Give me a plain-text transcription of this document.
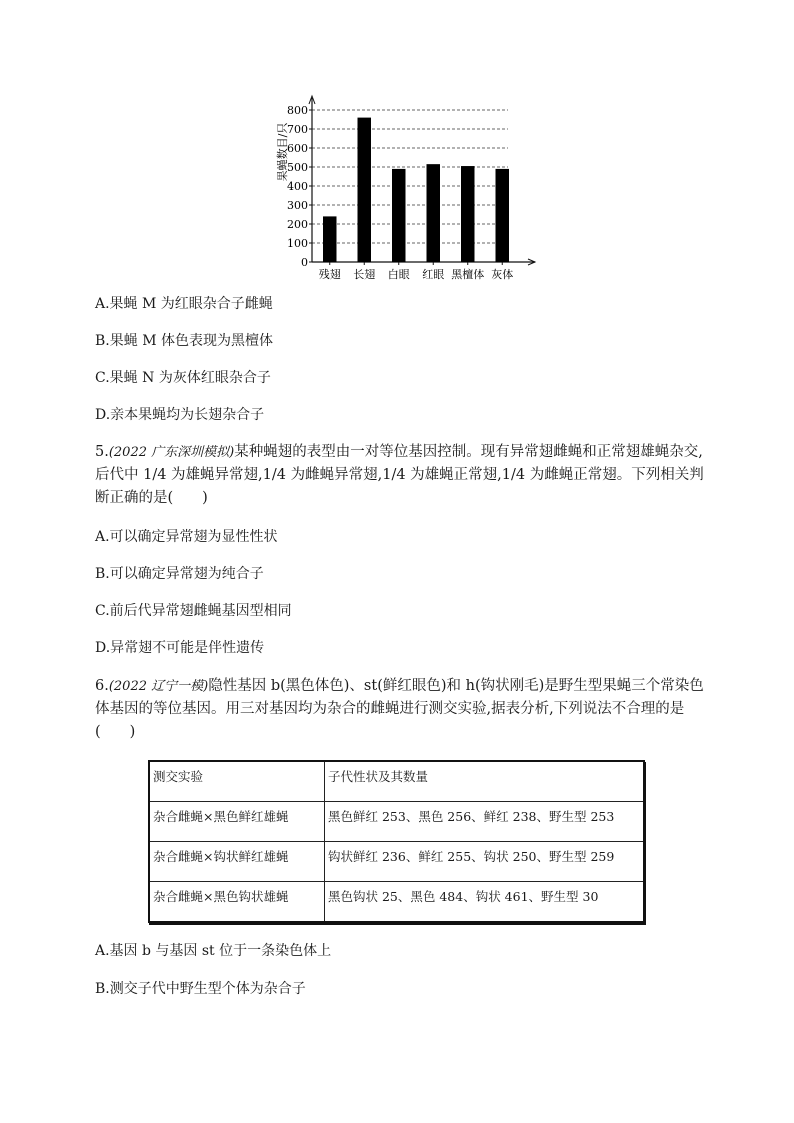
0
100
200
300
400
500
600
700
800
残翅 长翅 白眼 红眼 黑檀体 灰体
果蝇数目/只
A.果蝇 M 为红眼杂合子雌蝇
B.果蝇 M 体色表现为黑檀体
C.果蝇 N 为灰体红眼杂合子
D.亲本果蝇均为长翅杂合子
5.(2022 广东深圳模拟)某种蝇翅的表型由一对等位基因控制。现有异常翅雌蝇和正常翅雄蝇杂交,后代中 1/4 为雄蝇异常翅,1/4 为雌蝇异常翅,1/4 为雄蝇正常翅,1/4 为雌蝇正常翅。下列相关判断正确的是(　　)
A.可以确定异常翅为显性性状
B.可以确定异常翅为纯合子
C.前后代异常翅雌蝇基因型相同
D.异常翅不可能是伴性遗传
6.(2022 辽宁一模)隐性基因 b(黑色体色)、st(鲜红眼色)和 h(钩状刚毛)是野生型果蝇三个常染色体基因的等位基因。用三对基因均为杂合的雌蝇进行测交实验,据表分析,下列说法不合理的是(　　)
测交实验	子代性状及其数量
杂合雌蝇×黑色鲜红雄蝇	黑色鲜红 253、黑色 256、鲜红 238、野生型 253
杂合雌蝇×钩状鲜红雄蝇	钩状鲜红 236、鲜红 255、钩状 250、野生型 259
杂合雌蝇×黑色钩状雄蝇	黑色钩状 25、黑色 484、钩状 461、野生型 30
A.基因 b 与基因 st 位于一条染色体上
B.测交子代中野生型个体为杂合子
